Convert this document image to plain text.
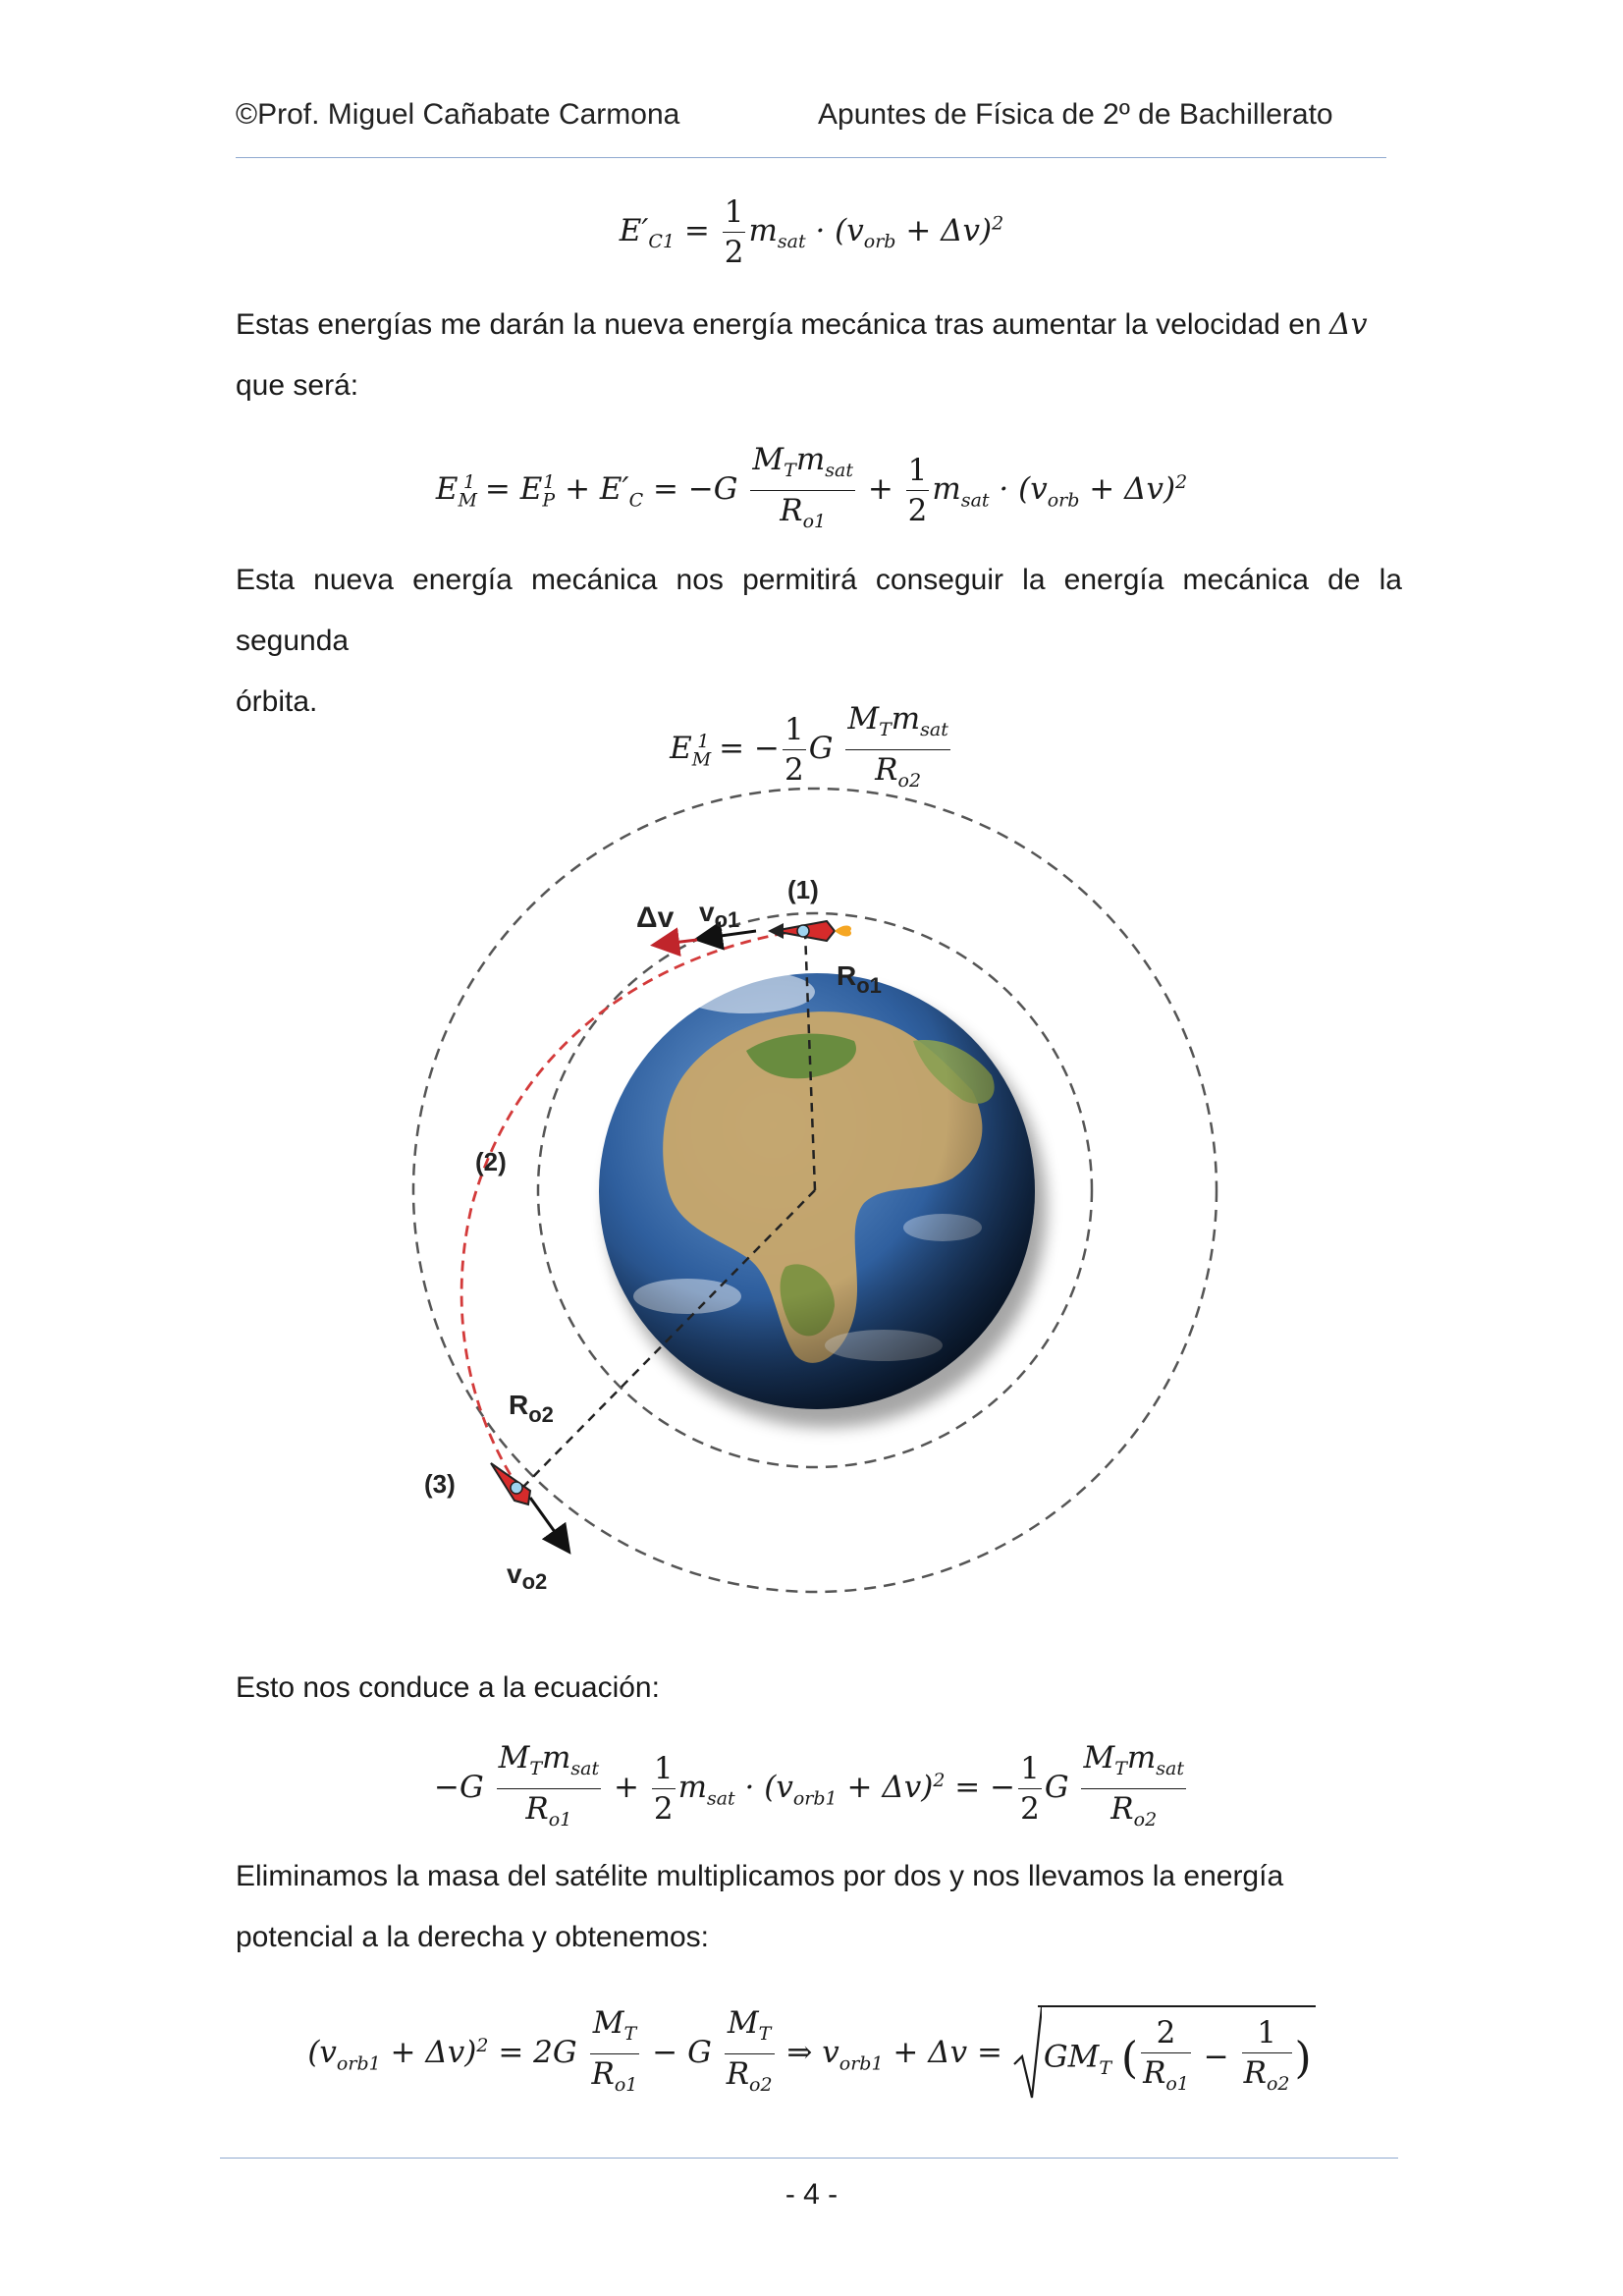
©Prof. Miguel Cañabate Carmona	Apuntes de Física de 2º de Bachillerato
$E'_{C1} = \frac{1}{2} m_{sat} \cdot (v_{orb} + \Delta v)^2$
Estas energías me darán la nueva energía mecánica tras aumentar la velocidad en Δv
que será:
$E_M^1 = E_P^1 + E'_C = -G \frac{M_Tm_{sat}}{R_{o1}} + \frac{1}{2} m_{sat} \cdot (v_{orb} + \Delta v)^2$
Esta nueva energía mecánica nos permitirá conseguir la energía mecánica de la segunda
órbita.
$E_M^1$ = − $\frac{1}{2}$ G $\frac{M_Tm_{sat}}{R_{o2}}$
Δv $v_{o1}$
(1)
$R_{o1}$
(2)
$R_{o2}$
(3)
$v_{o2}$
Esto nos conduce a la ecuación:
$-G \frac{M_Tm_{sat}}{R_{o1}} + \frac{1}{2} m_{sat} \cdot (v_{orb1} + \Delta v)^2$ = − $\frac{1}{2}$ G $\frac{M_Tm_{sat}}{R_{o2}}$
Eliminamos la masa del satélite multiplicamos por dos y nos llevamos la energía
potencial a la derecha y obtenemos:
$(v_{orb1} + \Delta v)^2 = 2G \frac{M_T}{R_{o1}} - G \frac{M_T}{R_{o2}}$ ⇒ $v_{orb1} + \Delta v$ =
$GM_T$ ( $\frac{2}{R_{o1}} - \frac{1}{R_{o2}}$ )
- 4 -
